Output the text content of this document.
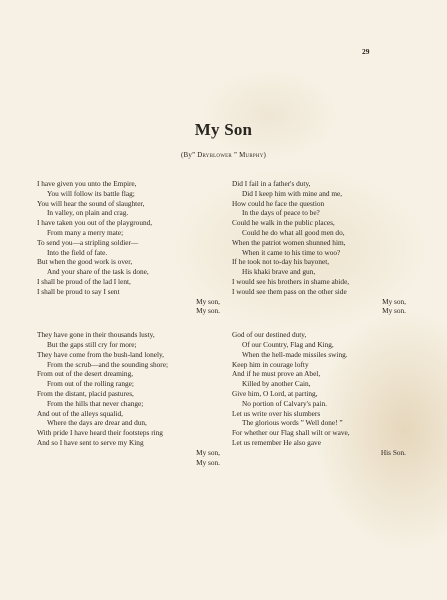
29
My Son
(By” Dryblower ” Murphy)
I have given you unto the Empire,
You will follow its battle flag;
You will hear the sound of slaughter,
In valley, on plain and crag.
I have taken you out of the playground,
From many a merry mate;
To send you—a stripling soldier—
Into the field of fate.
But when the good work is over,
And your share of the task is done,
I shall be proud of the lad I lent,
I shall be proud to say I sent
My son,
My son.
They have gone in their thousands lusty,
But the gaps still cry for more;
They have come from the bush-land lonely,
From the scrub—and the sounding shore;
From out of the desert dreaming,
From out of the rolling range;
From the distant, placid pastures,
From the hills that never change;
And out of the alleys squalid,
Where the days are drear and dun,
With pride I have heard their footsteps ring
And so I have sent to serve my King
My son,
My son.
Did I fail in a father's duty,
Did I keep him with mine and me,
How could he face the question
In the days of peace to be?
Could he walk in the public places,
Could he do what all good men do,
When the patriot women shunned him,
When it came to his time to woo?
If he took not to-day his bayonet,
His khaki brave and gun,
I would see his brothers in shame abide,
I would see them pass on the other side
My son,
My son.
God of our destined duty,
Of our Country, Flag and King,
When the hell-made missiles swing.
Keep him in courage lofty
And if he must prove an Abel,
Killed by another Cain,
Give him, O Lord, at parting,
No portion of Calvary's pain.
Let us write over his slumbers
The glorious words ” Well done! ”
For whether our Flag shall wilt or wave,
Let us remember He also gave
His Son.
